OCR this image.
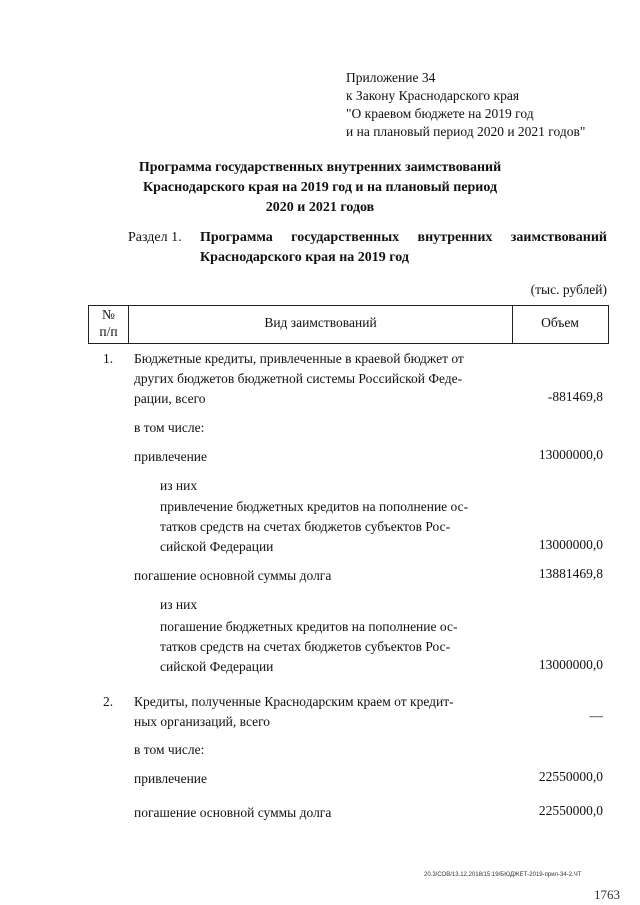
Приложение 34
к Закону Краснодарского края
"О краевом бюджете на 2019 год
и на плановый период 2020 и 2021 годов"
Программа государственных внутренних заимствований
Краснодарского края на 2019 год и на плановый период
2020 и 2021 годов
Раздел 1. Программа государственных внутренних заимствований
Краснодарского края на 2019 год
(тыс. рублей)
№
п/п
Вид заимствований	Объем
1. Бюджетные кредиты, привлеченные в краевой бюджет от
других бюджетов бюджетной системы Российской Феде-
рации, всего	-881469,8
в том числе:
привлечение	13000000,0
из них
привлечение бюджетных кредитов на пополнение ос-
татков средств на счетах бюджетов субъектов Рос-
сийской Федерации	13000000,0
погашение основной суммы долга	13881469,8
из них
погашение бюджетных кредитов на пополнение ос-
татков средств на счетах бюджетов субъектов Рос-
сийской Федерации	13000000,0
2. Кредиты, полученные Краснодарским краем от кредит-
ных организаций, всего	—
в том числе:
привлечение	22550000,0
погашение основной суммы долга	22550000,0
20.3/СОВ/13.12.2018/15:19/БЮДЖЕТ-2019-прил-34-2.ЧТ
1763
